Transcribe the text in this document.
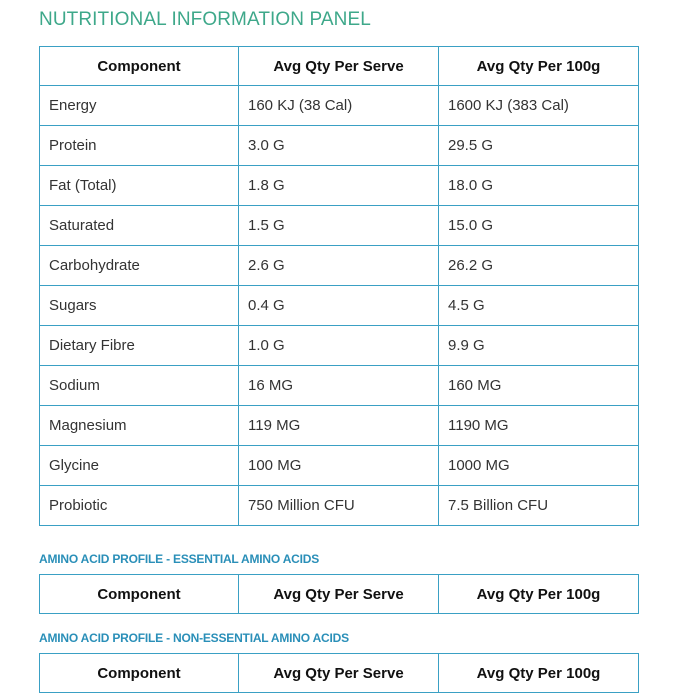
NUTRITIONAL INFORMATION PANEL
Component	Avg Qty Per Serve	Avg Qty Per 100g
Energy	160 KJ (38 Cal)	1600 KJ (383 Cal)
Protein	3.0 G	29.5 G
Fat (Total)	1.8 G	18.0 G
Saturated	1.5 G	15.0 G
Carbohydrate	2.6 G	26.2 G
Sugars	0.4 G	4.5 G
Dietary Fibre	1.0 G	9.9 G
Sodium	16 MG	160 MG
Magnesium	119 MG	1190 MG
Glycine	100 MG	1000 MG
Probiotic	750 Million CFU	7.5 Billion CFU
AMINO ACID PROFILE - ESSENTIAL AMINO ACIDS
Component	Avg Qty Per Serve	Avg Qty Per 100g
AMINO ACID PROFILE - NON-ESSENTIAL AMINO ACIDS
Component	Avg Qty Per Serve	Avg Qty Per 100g
